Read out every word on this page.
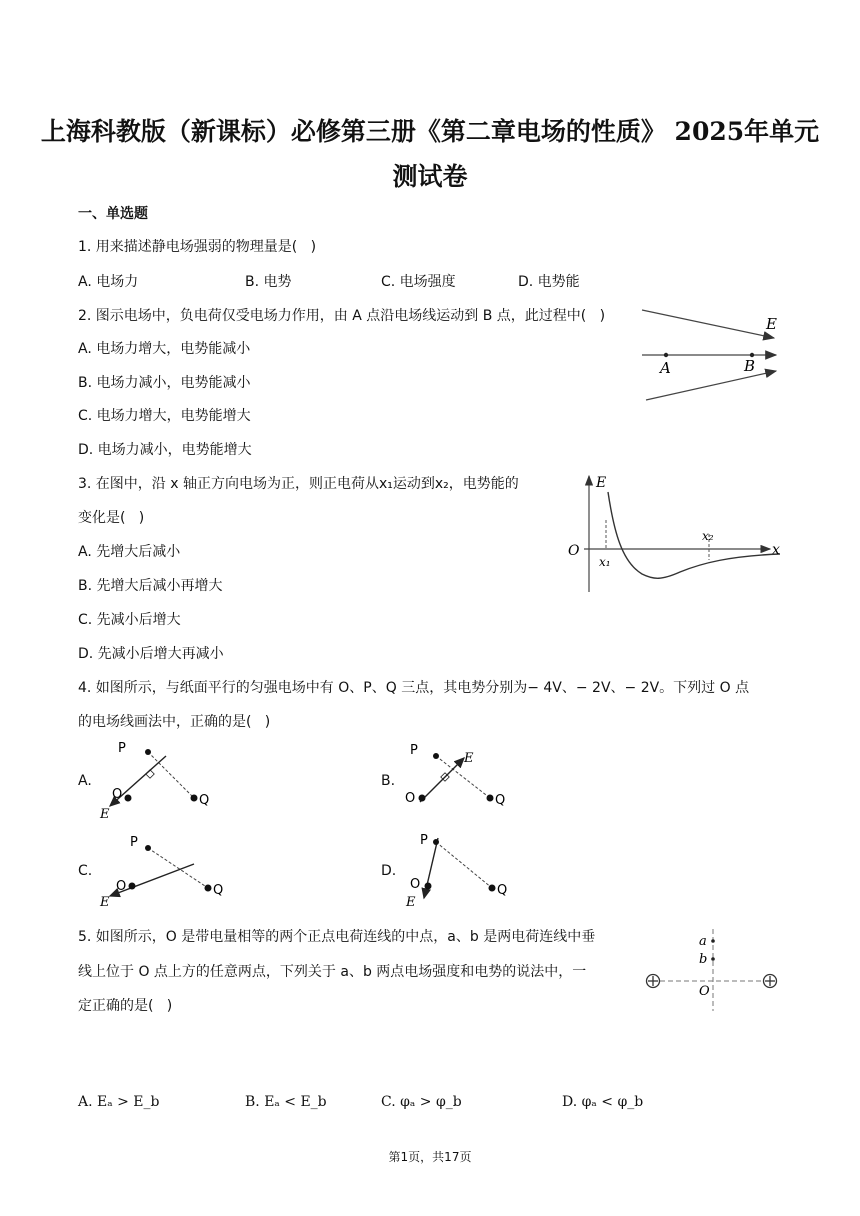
上海科教版（新课标）必修第三册《第二章电场的性质》 2025年单元
测试卷
一、单选题
1. 用来描述静电场强弱的物理量是(   )
A. 电场力	B. 电势	C. 电场强度	D. 电势能
2. 图示电场中，负电荷仅受电场力作用，由 A 点沿电场线运动到 B 点，此过程中(   )
A. 电场力增大，电势能减小
B. 电场力减小，电势能减小
C. 电场力增大，电势能增大
D. 电场力减小，电势能增大
E
A	B
3. 在图中，沿 x 轴正方向电场为正，则正电荷从x₁运动到x₂，电势能的
变化是(   )
A. 先增大后减小
B. 先增大后减小再增大
C. 先减小后增大
D. 先减小后增大再减小
E
O	x
x₁
x₂
4. 如图所示，与纸面平行的匀强电场中有 O、P、Q 三点，其电势分别为− 4V、− 2V、− 2V。下列过 O 点
的电场线画法中，正确的是(   )
A.	B.
C.	D.
P
O	Q
E
P
O	Q
E
P
O	Q
E
P
O	Q
E
5. 如图所示，O 是带电量相等的两个正点电荷连线的中点，a、b 是两电荷连线中垂
线上位于 O 点上方的任意两点，下列关于 a、b 两点电场强度和电势的说法中，一
定正确的是(   )
a
b
O
A. Eₐ > E_b	B. Eₐ < E_b	C. φₐ > φ_b	D. φₐ < φ_b
第1页，共17页
